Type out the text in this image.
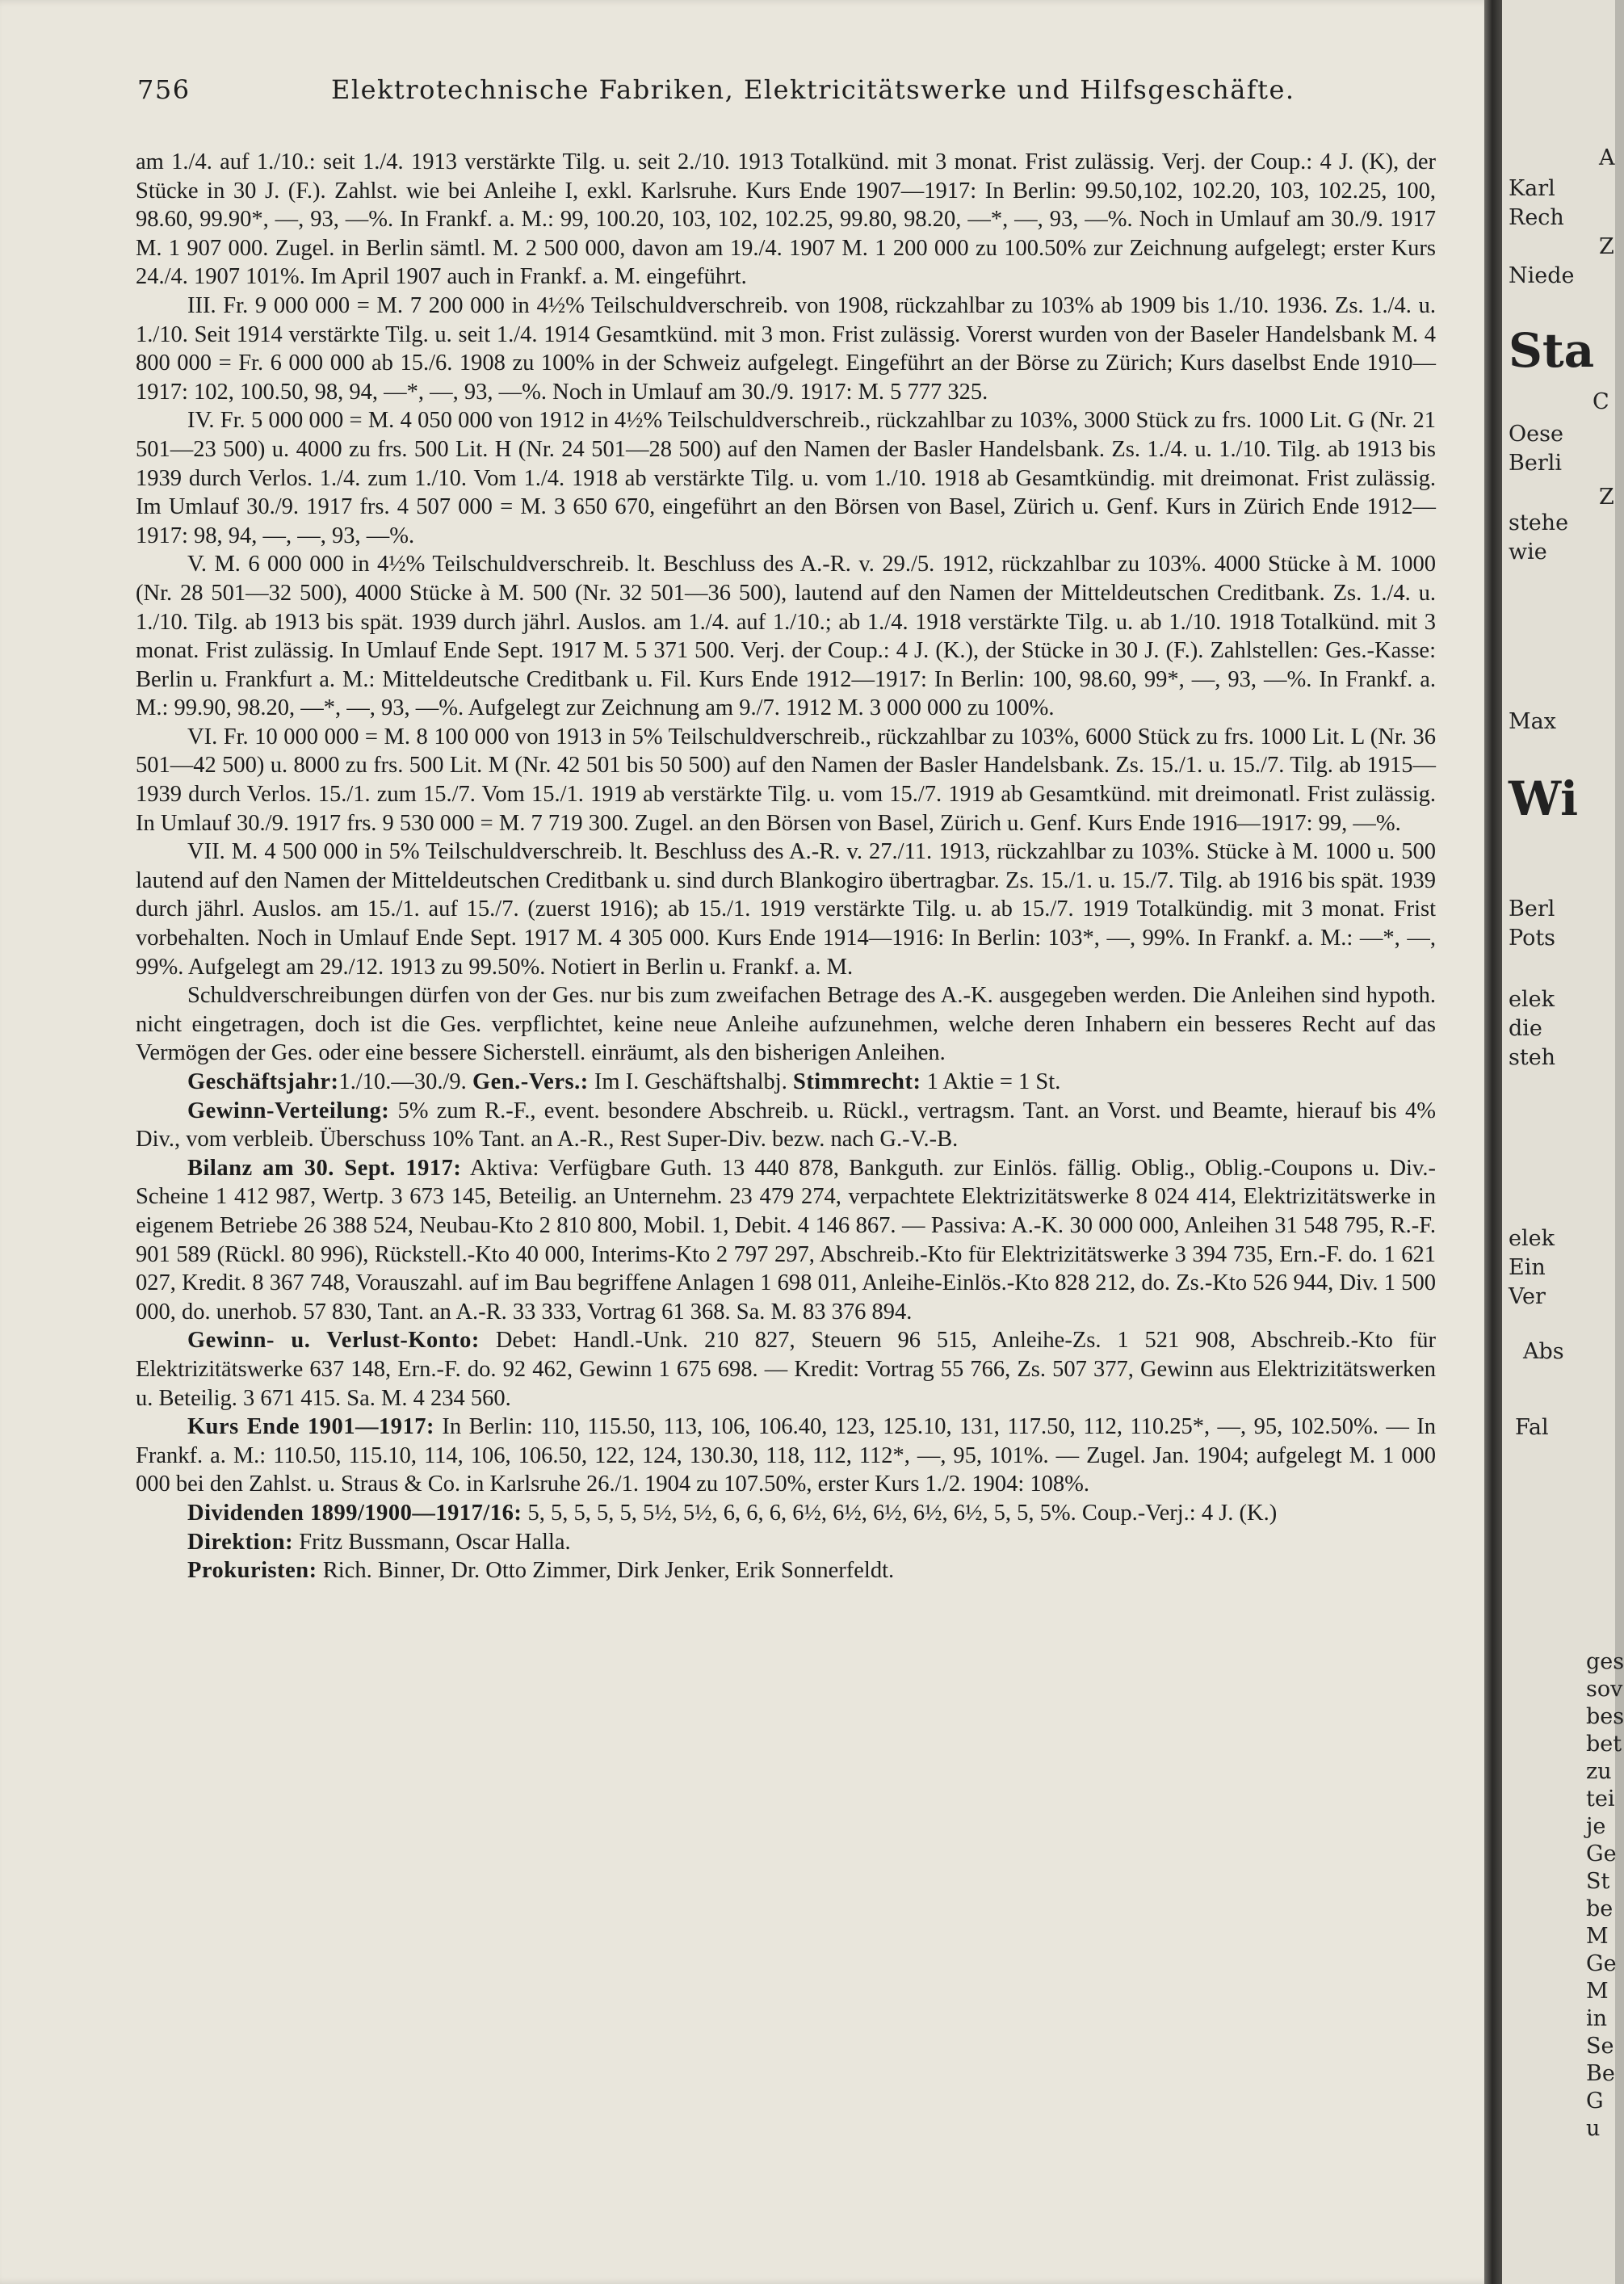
756	Elektrotechnische Fabriken, Elektricitätswerke und Hilfsgeschäfte.

am 1./4. auf 1./10.: seit 1./4. 1913 verstärkte Tilg. u. seit 2./10. 1913 Totalkünd. mit 3 monat. Frist zulässig. Verj. der Coup.: 4 J. (K), der Stücke in 30 J. (F.). Zahlst. wie bei Anleihe I, exkl. Karlsruhe. Kurs Ende 1907—1917: In Berlin: 99.50,102, 102.20, 103, 102.25, 100, 98.60, 99.90*, —, 93, —%. In Frankf. a. M.: 99, 100.20, 103, 102, 102.25, 99.80, 98.20, —*, —, 93, —%. Noch in Umlauf am 30./9. 1917 M. 1 907 000. Zugel. in Berlin sämtl. M. 2 500 000, davon am 19./4. 1907 M. 1 200 000 zu 100.50% zur Zeichnung aufgelegt; erster Kurs 24./4. 1907 101%. Im April 1907 auch in Frankf. a. M. eingeführt.

III. Fr. 9 000 000 = M. 7 200 000 in 4½% Teilschuldverschreib. von 1908, rückzahlbar zu 103% ab 1909 bis 1./10. 1936. Zs. 1./4. u. 1./10. Seit 1914 verstärkte Tilg. u. seit 1./4. 1914 Gesamtkünd. mit 3 mon. Frist zulässig. Vorerst wurden von der Baseler Handelsbank M. 4 800 000 = Fr. 6 000 000 ab 15./6. 1908 zu 100% in der Schweiz aufgelegt. Eingeführt an der Börse zu Zürich; Kurs daselbst Ende 1910—1917: 102, 100.50, 98, 94, —*, —, 93, —%. Noch in Umlauf am 30./9. 1917: M. 5 777 325.

IV. Fr. 5 000 000 = M. 4 050 000 von 1912 in 4½% Teilschuldverschreib., rückzahlbar zu 103%, 3000 Stück zu frs. 1000 Lit. G (Nr. 21 501—23 500) u. 4000 zu frs. 500 Lit. H (Nr. 24 501—28 500) auf den Namen der Basler Handelsbank. Zs. 1./4. u. 1./10. Tilg. ab 1913 bis 1939 durch Verlos. 1./4. zum 1./10. Vom 1./4. 1918 ab verstärkte Tilg. u. vom 1./10. 1918 ab Gesamtkündig. mit dreimonat. Frist zulässig. Im Umlauf 30./9. 1917 frs. 4 507 000 = M. 3 650 670, eingeführt an den Börsen von Basel, Zürich u. Genf. Kurs in Zürich Ende 1912—1917: 98, 94, —, —, 93, —%.

V. M. 6 000 000 in 4½% Teilschuldverschreib. lt. Beschluss des A.-R. v. 29./5. 1912, rückzahlbar zu 103%. 4000 Stücke à M. 1000 (Nr. 28 501—32 500), 4000 Stücke à M. 500 (Nr. 32 501—36 500), lautend auf den Namen der Mitteldeutschen Creditbank. Zs. 1./4. u. 1./10. Tilg. ab 1913 bis spät. 1939 durch jährl. Auslos. am 1./4. auf 1./10.; ab 1./4. 1918 verstärkte Tilg. u. ab 1./10. 1918 Totalkünd. mit 3 monat. Frist zulässig. In Umlauf Ende Sept. 1917 M. 5 371 500. Verj. der Coup.: 4 J. (K.), der Stücke in 30 J. (F.). Zahlstellen: Ges.-Kasse: Berlin u. Frankfurt a. M.: Mitteldeutsche Creditbank u. Fil. Kurs Ende 1912—1917: In Berlin: 100, 98.60, 99*, —, 93, —%. In Frankf. a. M.: 99.90, 98.20, —*, —, 93, —%. Aufgelegt zur Zeichnung am 9./7. 1912 M. 3 000 000 zu 100%.

VI. Fr. 10 000 000 = M. 8 100 000 von 1913 in 5% Teilschuldverschreib., rückzahlbar zu 103%, 6000 Stück zu frs. 1000 Lit. L (Nr. 36 501—42 500) u. 8000 zu frs. 500 Lit. M (Nr. 42 501 bis 50 500) auf den Namen der Basler Handelsbank. Zs. 15./1. u. 15./7. Tilg. ab 1915—1939 durch Verlos. 15./1. zum 15./7. Vom 15./1. 1919 ab verstärkte Tilg. u. vom 15./7. 1919 ab Gesamtkünd. mit dreimonatl. Frist zulässig. In Umlauf 30./9. 1917 frs. 9 530 000 = M. 7 719 300. Zugel. an den Börsen von Basel, Zürich u. Genf. Kurs Ende 1916—1917: 99, —%.

VII. M. 4 500 000 in 5% Teilschuldverschreib. lt. Beschluss des A.-R. v. 27./11. 1913, rückzahlbar zu 103%. Stücke à M. 1000 u. 500 lautend auf den Namen der Mitteldeutschen Creditbank u. sind durch Blankogiro übertragbar. Zs. 15./1. u. 15./7. Tilg. ab 1916 bis spät. 1939 durch jährl. Auslos. am 15./1. auf 15./7. (zuerst 1916); ab 15./1. 1919 verstärkte Tilg. u. ab 15./7. 1919 Totalkündig. mit 3 monat. Frist vorbehalten. Noch in Umlauf Ende Sept. 1917 M. 4 305 000. Kurs Ende 1914—1916: In Berlin: 103*, —, 99%. In Frankf. a. M.: —*, —, 99%. Aufgelegt am 29./12. 1913 zu 99.50%. Notiert in Berlin u. Frankf. a. M.

Schuldverschreibungen dürfen von der Ges. nur bis zum zweifachen Betrage des A.-K. ausgegeben werden. Die Anleihen sind hypoth. nicht eingetragen, doch ist die Ges. verpflichtet, keine neue Anleihe aufzunehmen, welche deren Inhabern ein besseres Recht auf das Vermögen der Ges. oder eine bessere Sicherstell. einräumt, als den bisherigen Anleihen.

Geschäftsjahr:1./10.—30./9. Gen.-Vers.: Im I. Geschäftshalbj. Stimmrecht: 1 Aktie = 1 St.

Gewinn-Verteilung: 5% zum R.-F., event. besondere Abschreib. u. Rückl., vertragsm. Tant. an Vorst. und Beamte, hierauf bis 4% Div., vom verbleib. Überschuss 10% Tant. an A.-R., Rest Super-Div. bezw. nach G.-V.-B.

Bilanz am 30. Sept. 1917: Aktiva: Verfügbare Guth. 13 440 878, Bankguth. zur Einlös. fällig. Oblig., Oblig.-Coupons u. Div.-Scheine 1 412 987, Wertp. 3 673 145, Beteilig. an Unternehm. 23 479 274, verpachtete Elektrizitätswerke 8 024 414, Elektrizitätswerke in eigenem Betriebe 26 388 524, Neubau-Kto 2 810 800, Mobil. 1, Debit. 4 146 867. — Passiva: A.-K. 30 000 000, Anleihen 31 548 795, R.-F. 901 589 (Rückl. 80 996), Rückstell.-Kto 40 000, Interims-Kto 2 797 297, Abschreib.-Kto für Elektrizitätswerke 3 394 735, Ern.-F. do. 1 621 027, Kredit. 8 367 748, Vorauszahl. auf im Bau begriffene Anlagen 1 698 011, Anleihe-Einlös.-Kto 828 212, do. Zs.-Kto 526 944, Div. 1 500 000, do. unerhob. 57 830, Tant. an A.-R. 33 333, Vortrag 61 368. Sa. M. 83 376 894.

Gewinn- u. Verlust-Konto: Debet: Handl.-Unk. 210 827, Steuern 96 515, Anleihe-Zs. 1 521 908, Abschreib.-Kto für Elektrizitätswerke 637 148, Ern.-F. do. 92 462, Gewinn 1 675 698. — Kredit: Vortrag 55 766, Zs. 507 377, Gewinn aus Elektrizitätswerken u. Beteilig. 3 671 415. Sa. M. 4 234 560.

Kurs Ende 1901—1917: In Berlin: 110, 115.50, 113, 106, 106.40, 123, 125.10, 131, 117.50, 112, 110.25*, —, 95, 102.50%. — In Frankf. a. M.: 110.50, 115.10, 114, 106, 106.50, 122, 124, 130.30, 118, 112, 112*, —, 95, 101%. — Zugel. Jan. 1904; aufgelegt M. 1 000 000 bei den Zahlst. u. Straus & Co. in Karlsruhe 26./1. 1904 zu 107.50%, erster Kurs 1./2. 1904: 108%.

Dividenden 1899/1900—1917/16: 5, 5, 5, 5, 5, 5½, 5½, 6, 6, 6, 6½, 6½, 6½, 6½, 6½, 5, 5, 5%. Coup.-Verj.: 4 J. (K.)

Direktion: Fritz Bussmann, Oscar Halla.

Prokuristen: Rich. Binner, Dr. Otto Zimmer, Dirk Jenker, Erik Sonnerfeldt.

A
Karl
Rech
Z
Niede
Sta
C
Oese
Berli
Z
stehe
wie
Max
Wi
Berl
Pots
elek
die
steh
elek
Ein
Ver
Abs
Fal
ges
sov
bes
bet
zu
tei
je
Ge
St
be
M
Ge
M
in
Se
Be
G
u
